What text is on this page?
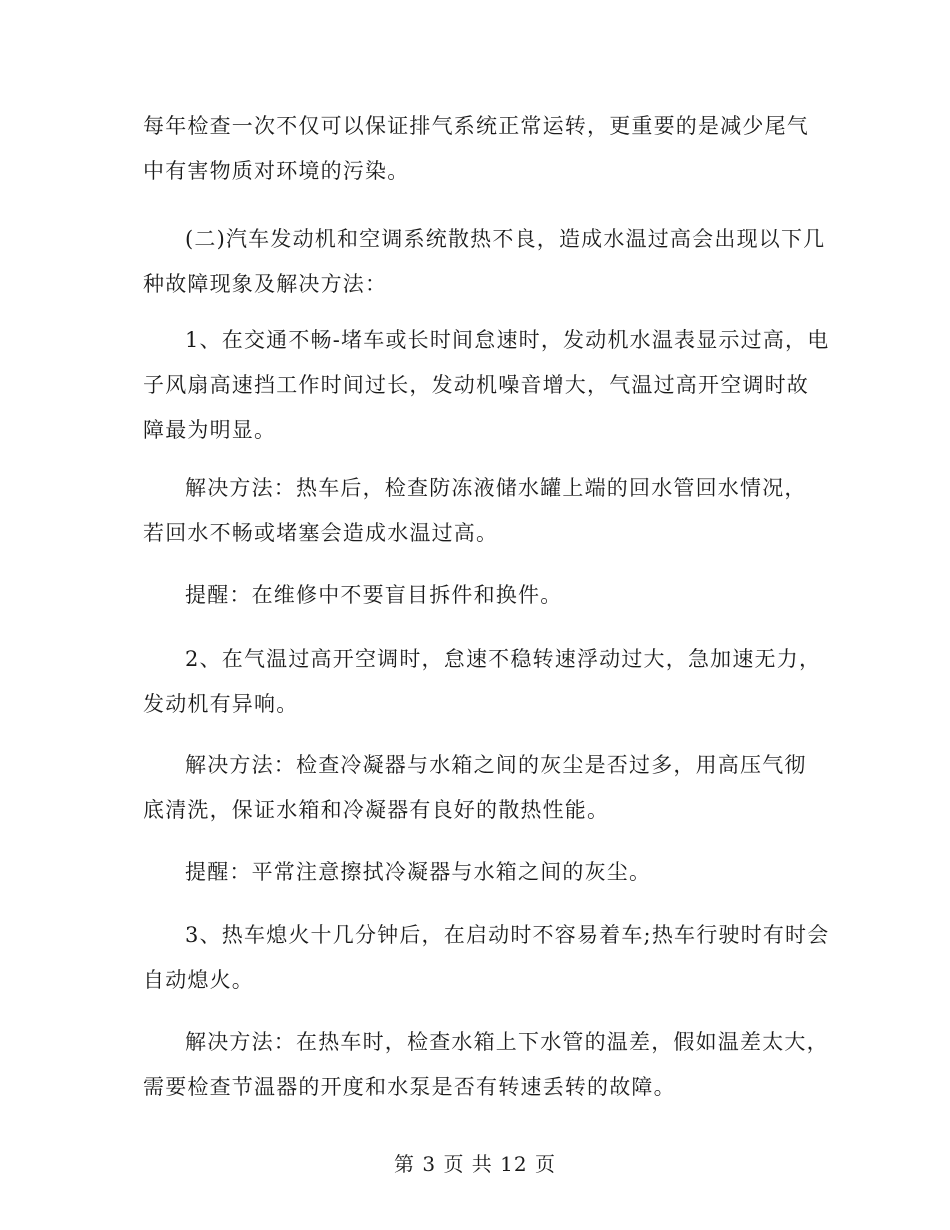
每年检查一次不仅可以保证排气系统正常运转，更重要的是减少尾气
中有害物质对环境的污染。

(二)汽车发动机和空调系统散热不良，造成水温过高会出现以下几
种故障现象及解决方法：

1、在交通不畅-堵车或长时间怠速时，发动机水温表显示过高，电
子风扇高速挡工作时间过长，发动机噪音增大，气温过高开空调时故
障最为明显。

解决方法：热车后，检查防冻液储水罐上端的回水管回水情况，
若回水不畅或堵塞会造成水温过高。

提醒：在维修中不要盲目拆件和换件。

2、在气温过高开空调时，怠速不稳转速浮动过大，急加速无力，
发动机有异响。

解决方法：检查冷凝器与水箱之间的灰尘是否过多，用高压气彻
底清洗，保证水箱和冷凝器有良好的散热性能。

提醒：平常注意擦拭冷凝器与水箱之间的灰尘。

3、热车熄火十几分钟后，在启动时不容易着车;热车行驶时有时会
自动熄火。

解决方法：在热车时，检查水箱上下水管的温差，假如温差太大，
需要检查节温器的开度和水泵是否有转速丢转的故障。

第 3 页 共 12 页
